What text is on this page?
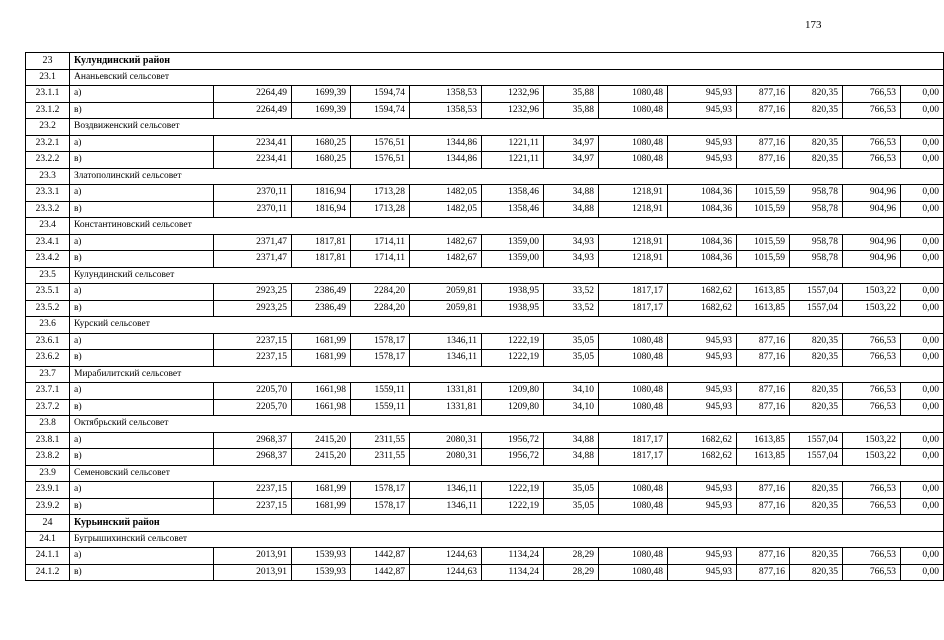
173
23	Кулундинский район												
23.1	Ананьевский сельсовет												
23.1.1	а)	2264,49	1699,39	1594,74	1358,53	1232,96	35,88	1080,48	945,93	877,16	820,35	766,53	0,00
23.1.2	в)	2264,49	1699,39	1594,74	1358,53	1232,96	35,88	1080,48	945,93	877,16	820,35	766,53	0,00
23.2	Воздвиженский сельсовет												
23.2.1	а)	2234,41	1680,25	1576,51	1344,86	1221,11	34,97	1080,48	945,93	877,16	820,35	766,53	0,00
23.2.2	в)	2234,41	1680,25	1576,51	1344,86	1221,11	34,97	1080,48	945,93	877,16	820,35	766,53	0,00
23.3	Златополинский сельсовет												
23.3.1	а)	2370,11	1816,94	1713,28	1482,05	1358,46	34,88	1218,91	1084,36	1015,59	958,78	904,96	0,00
23.3.2	в)	2370,11	1816,94	1713,28	1482,05	1358,46	34,88	1218,91	1084,36	1015,59	958,78	904,96	0,00
23.4	Константиновский сельсовет												
23.4.1	а)	2371,47	1817,81	1714,11	1482,67	1359,00	34,93	1218,91	1084,36	1015,59	958,78	904,96	0,00
23.4.2	в)	2371,47	1817,81	1714,11	1482,67	1359,00	34,93	1218,91	1084,36	1015,59	958,78	904,96	0,00
23.5	Кулундинский сельсовет												
23.5.1	а)	2923,25	2386,49	2284,20	2059,81	1938,95	33,52	1817,17	1682,62	1613,85	1557,04	1503,22	0,00
23.5.2	в)	2923,25	2386,49	2284,20	2059,81	1938,95	33,52	1817,17	1682,62	1613,85	1557,04	1503,22	0,00
23.6	Курский сельсовет												
23.6.1	а)	2237,15	1681,99	1578,17	1346,11	1222,19	35,05	1080,48	945,93	877,16	820,35	766,53	0,00
23.6.2	в)	2237,15	1681,99	1578,17	1346,11	1222,19	35,05	1080,48	945,93	877,16	820,35	766,53	0,00
23.7	Мирабилитский сельсовет												
23.7.1	а)	2205,70	1661,98	1559,11	1331,81	1209,80	34,10	1080,48	945,93	877,16	820,35	766,53	0,00
23.7.2	в)	2205,70	1661,98	1559,11	1331,81	1209,80	34,10	1080,48	945,93	877,16	820,35	766,53	0,00
23.8	Октябрьский сельсовет												
23.8.1	а)	2968,37	2415,20	2311,55	2080,31	1956,72	34,88	1817,17	1682,62	1613,85	1557,04	1503,22	0,00
23.8.2	в)	2968,37	2415,20	2311,55	2080,31	1956,72	34,88	1817,17	1682,62	1613,85	1557,04	1503,22	0,00
23.9	Семеновский сельсовет												
23.9.1	а)	2237,15	1681,99	1578,17	1346,11	1222,19	35,05	1080,48	945,93	877,16	820,35	766,53	0,00
23.9.2	в)	2237,15	1681,99	1578,17	1346,11	1222,19	35,05	1080,48	945,93	877,16	820,35	766,53	0,00
24	Курьинский район												
24.1	Бугрышихинский сельсовет												
24.1.1	а)	2013,91	1539,93	1442,87	1244,63	1134,24	28,29	1080,48	945,93	877,16	820,35	766,53	0,00
24.1.2	в)	2013,91	1539,93	1442,87	1244,63	1134,24	28,29	1080,48	945,93	877,16	820,35	766,53	0,00
